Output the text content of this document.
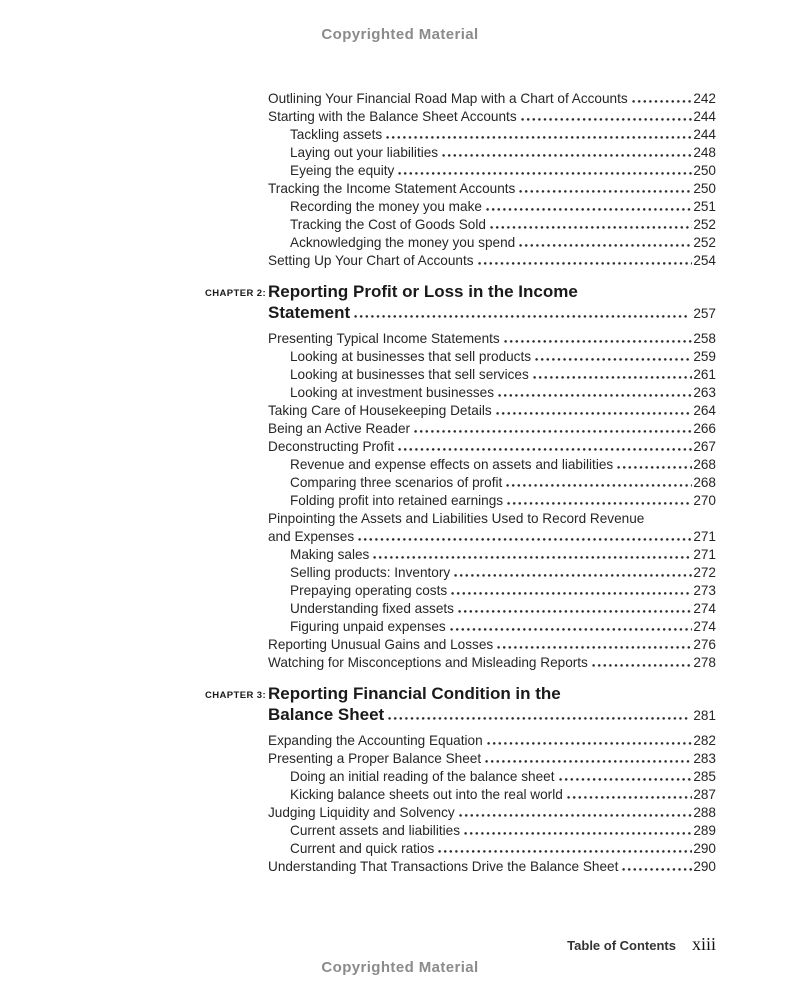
Copyrighted Material
Outlining Your Financial Road Map with a Chart of Accounts	242
Starting with the Balance Sheet Accounts	244
Tackling assets	244
Laying out your liabilities	248
Eyeing the equity	250
Tracking the Income Statement Accounts	250
Recording the money you make	251
Tracking the Cost of Goods Sold	252
Acknowledging the money you spend	252
Setting Up Your Chart of Accounts	254
CHAPTER 2: Reporting Profit or Loss in the Income
Statement	257
Presenting Typical Income Statements	258
Looking at businesses that sell products	259
Looking at businesses that sell services	261
Looking at investment businesses	263
Taking Care of Housekeeping Details	264
Being an Active Reader	266
Deconstructing Profit	267
Revenue and expense effects on assets and liabilities	268
Comparing three scenarios of profit	268
Folding profit into retained earnings	270
Pinpointing the Assets and Liabilities Used to Record Revenue
and Expenses	271
Making sales	271
Selling products: Inventory	272
Prepaying operating costs	273
Understanding fixed assets	274
Figuring unpaid expenses	274
Reporting Unusual Gains and Losses	276
Watching for Misconceptions and Misleading Reports	278
CHAPTER 3: Reporting Financial Condition in the
Balance Sheet	281
Expanding the Accounting Equation	282
Presenting a Proper Balance Sheet	283
Doing an initial reading of the balance sheet	285
Kicking balance sheets out into the real world	287
Judging Liquidity and Solvency	288
Current assets and liabilities	289
Current and quick ratios	290
Understanding That Transactions Drive the Balance Sheet	290
Table of Contents xiii
Copyrighted Material
